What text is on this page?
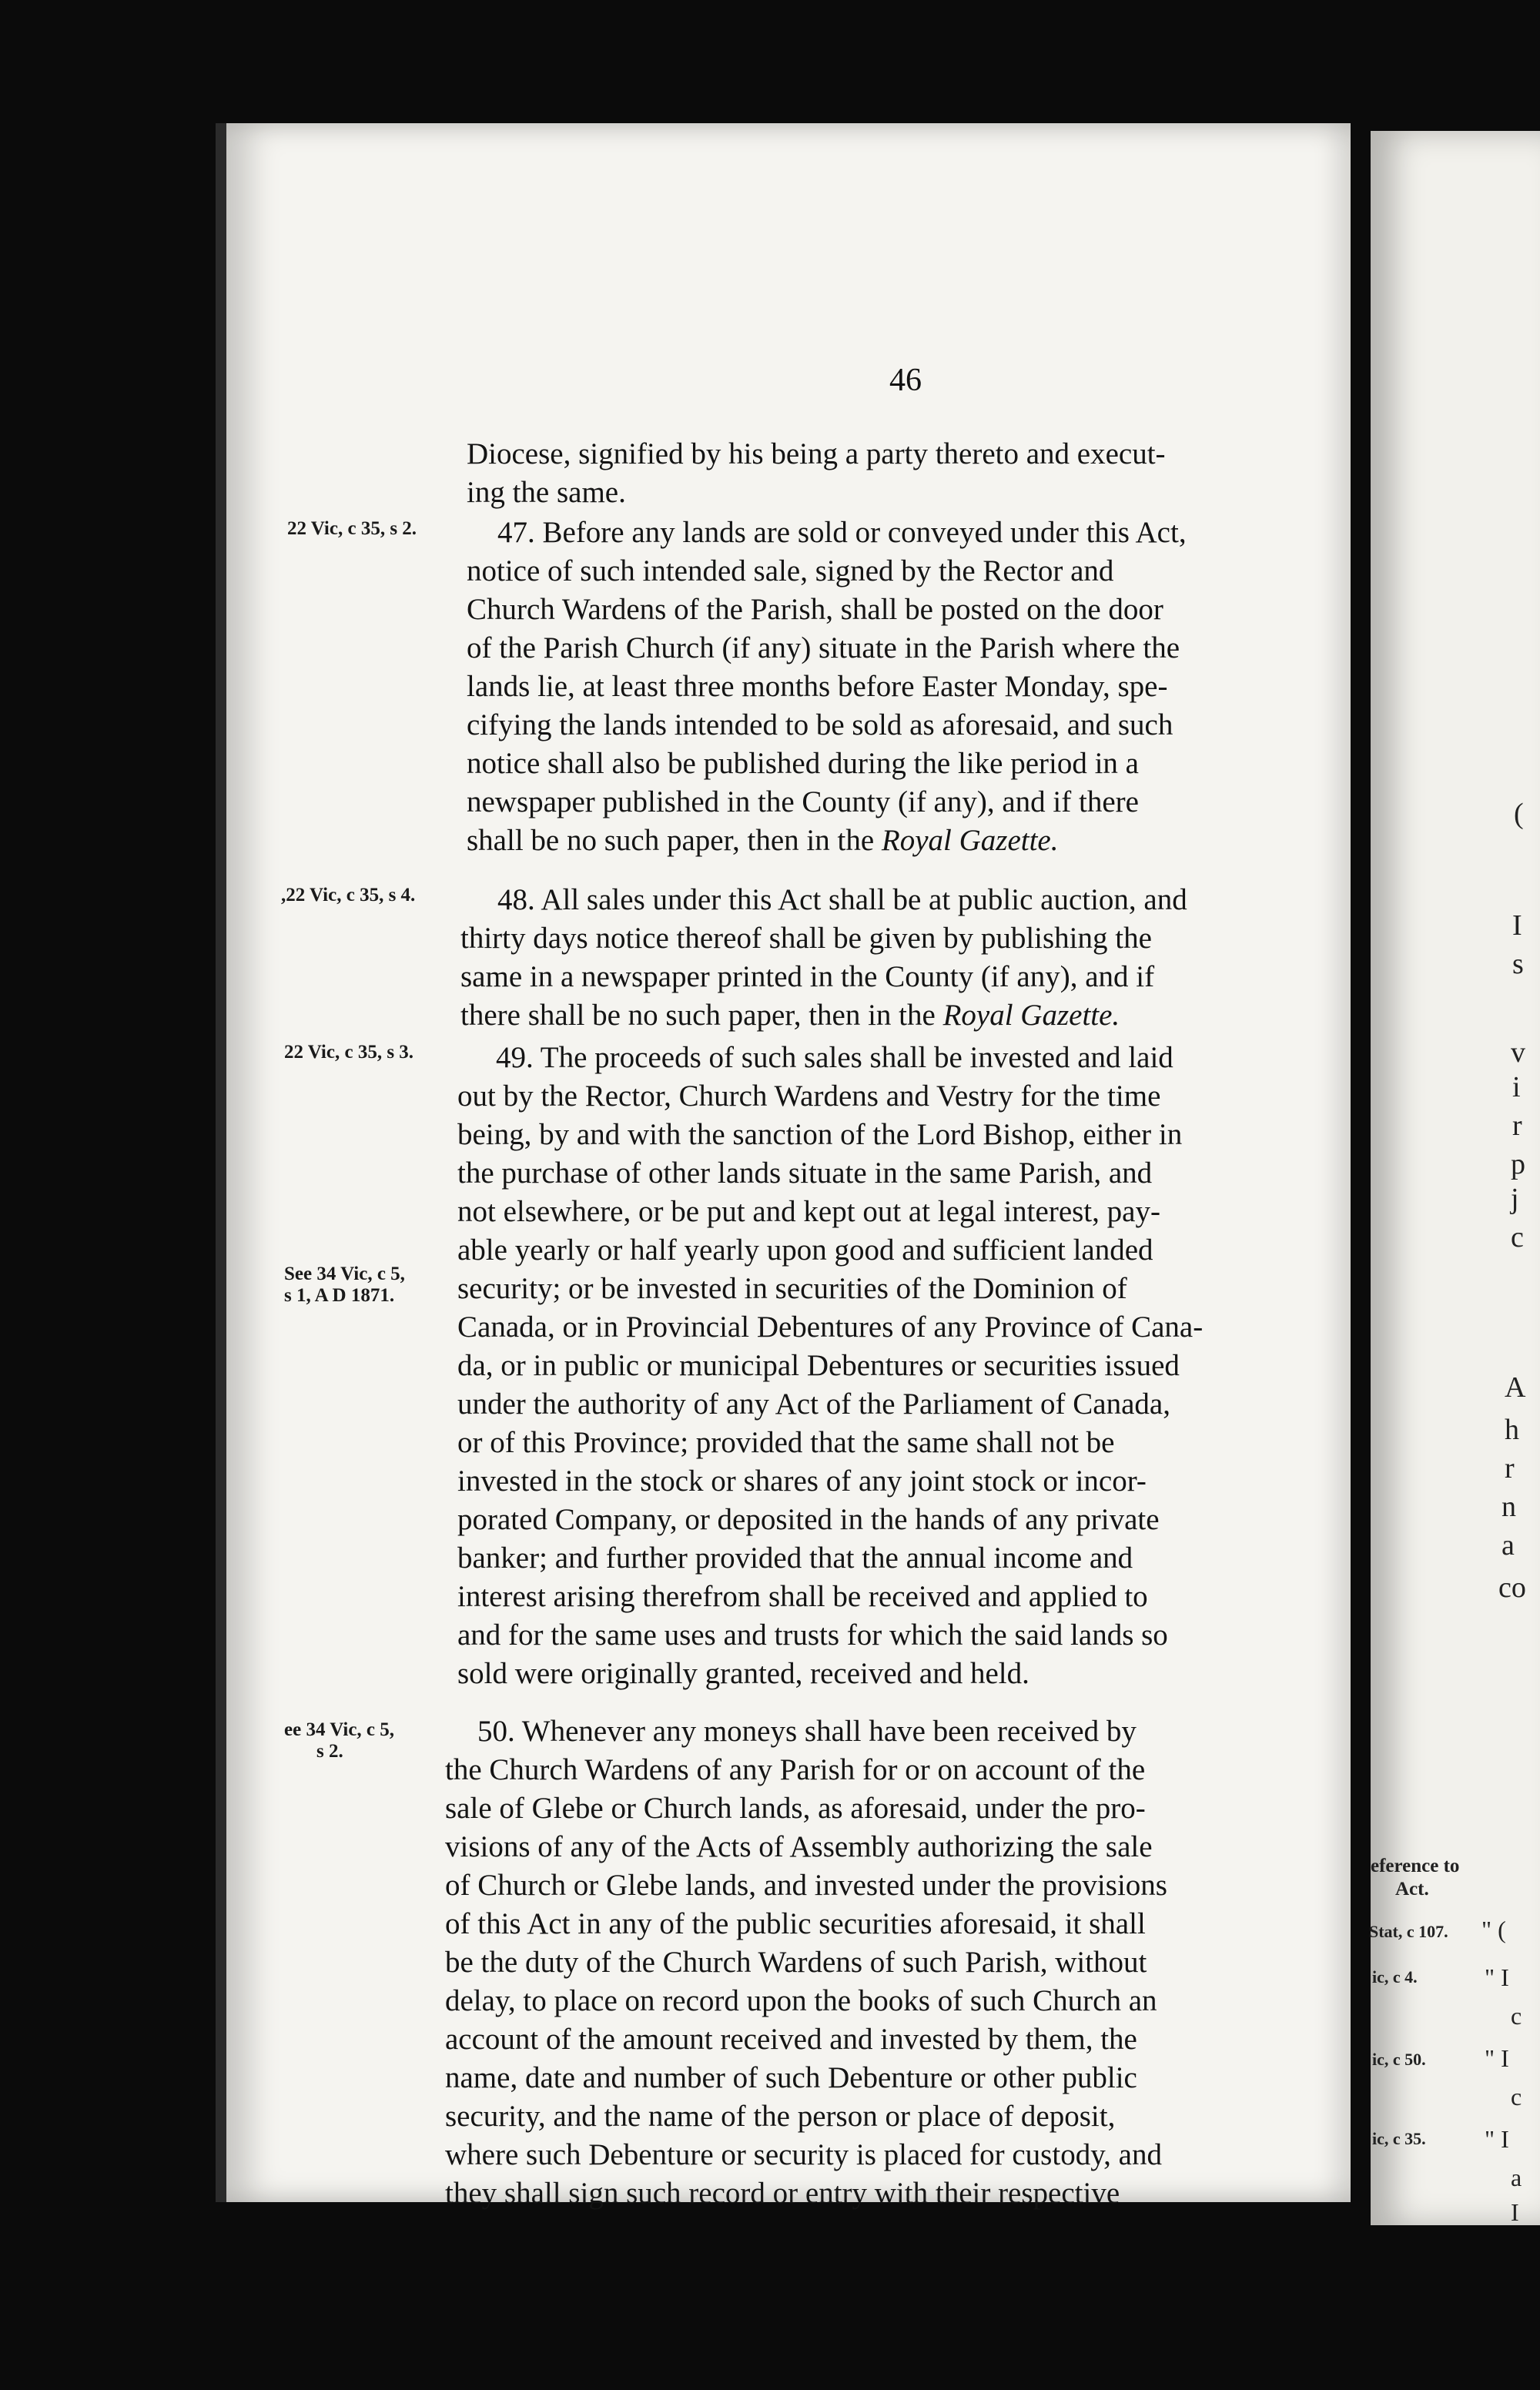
46
22 Vic, c 35, s 2.
,22 Vic, c 35, s 4.
22 Vic, c 35, s 3.
See 34 Vic, c 5,
s 1, A D 1871.
ee 34 Vic, c 5,
s 2.
Diocese, signified by his being a party thereto and execut-
ing the same.
47. Before any lands are sold or conveyed under this Act,
notice of such intended sale, signed by the Rector and
Church Wardens of the Parish, shall be posted on the door
of the Parish Church (if any) situate in the Parish where the
lands lie, at least three months before Easter Monday, spe-
cifying the lands intended to be sold as aforesaid, and such
notice shall also be published during the like period in a
newspaper published in the County (if any), and if there
shall be no such paper, then in the Royal Gazette.
48. All sales under this Act shall be at public auction, and
thirty days notice thereof shall be given by publishing the
same in a newspaper printed in the County (if any), and if
there shall be no such paper, then in the Royal Gazette.
49. The proceeds of such sales shall be invested and laid
out by the Rector, Church Wardens and Vestry for the time
being, by and with the sanction of the Lord Bishop, either in
the purchase of other lands situate in the same Parish, and
not elsewhere, or be put and kept out at legal interest, pay-
able yearly or half yearly upon good and sufficient landed
security; or be invested in securities of the Dominion of
Canada, or in Provincial Debentures of any Province of Cana-
da, or in public or municipal Debentures or securities issued
under the authority of any Act of the Parliament of Canada,
or of this Province; provided that the same shall not be
invested in the stock or shares of any joint stock or incor-
porated Company, or deposited in the hands of any private
banker; and further provided that the annual income and
interest arising therefrom shall be received and applied to
and for the same uses and trusts for which the said lands so
sold were originally granted, received and held.
50. Whenever any moneys shall have been received by
the Church Wardens of any Parish for or on account of the
sale of Glebe or Church lands, as aforesaid, under the pro-
visions of any of the Acts of Assembly authorizing the sale
of Church or Glebe lands, and invested under the provisions
of this Act in any of the public securities aforesaid, it shall
be the duty of the Church Wardens of such Parish, without
delay, to place on record upon the books of such Church an
account of the amount received and invested by them, the
name, date and number of such Debenture or other public
security, and the name of the person or place of deposit,
where such Debenture or security is placed for custody, and
they shall sign such record or entry with their respective
(
I
s
v
i
r
p
j
c
A
h
r
n
a
co
eference to
Act.
Stat, c 107.
ic, c 4.
ic, c 50.
ic, c 35.
" (
" I
" I
" I
c
c
a
I
